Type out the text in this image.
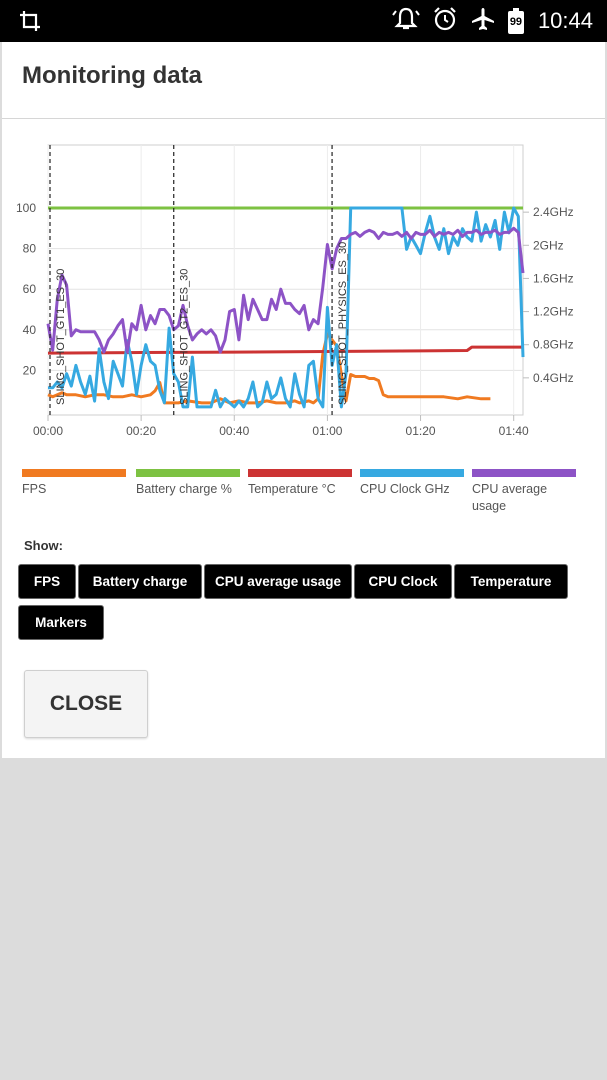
99 10:44
Monitoring data
100
80
60
40
20
2.4GHz
2GHz
1.6GHz
1.2GHz
0.8GHz
0.4GHz
00:00	00:20	00:40	01:00	01:20	01:40
SLING_SHOT_GT1_ES_30	SLING_SHOT_GT2_ES_30	SLING_SHOT_PHYSICS_ES_30
FPS	Battery charge %	Temperature °C	CPU Clock GHz	CPU average usage
Show:
FPS	Battery charge	CPU average usage	CPU Clock	Temperature
Markers
CLOSE
